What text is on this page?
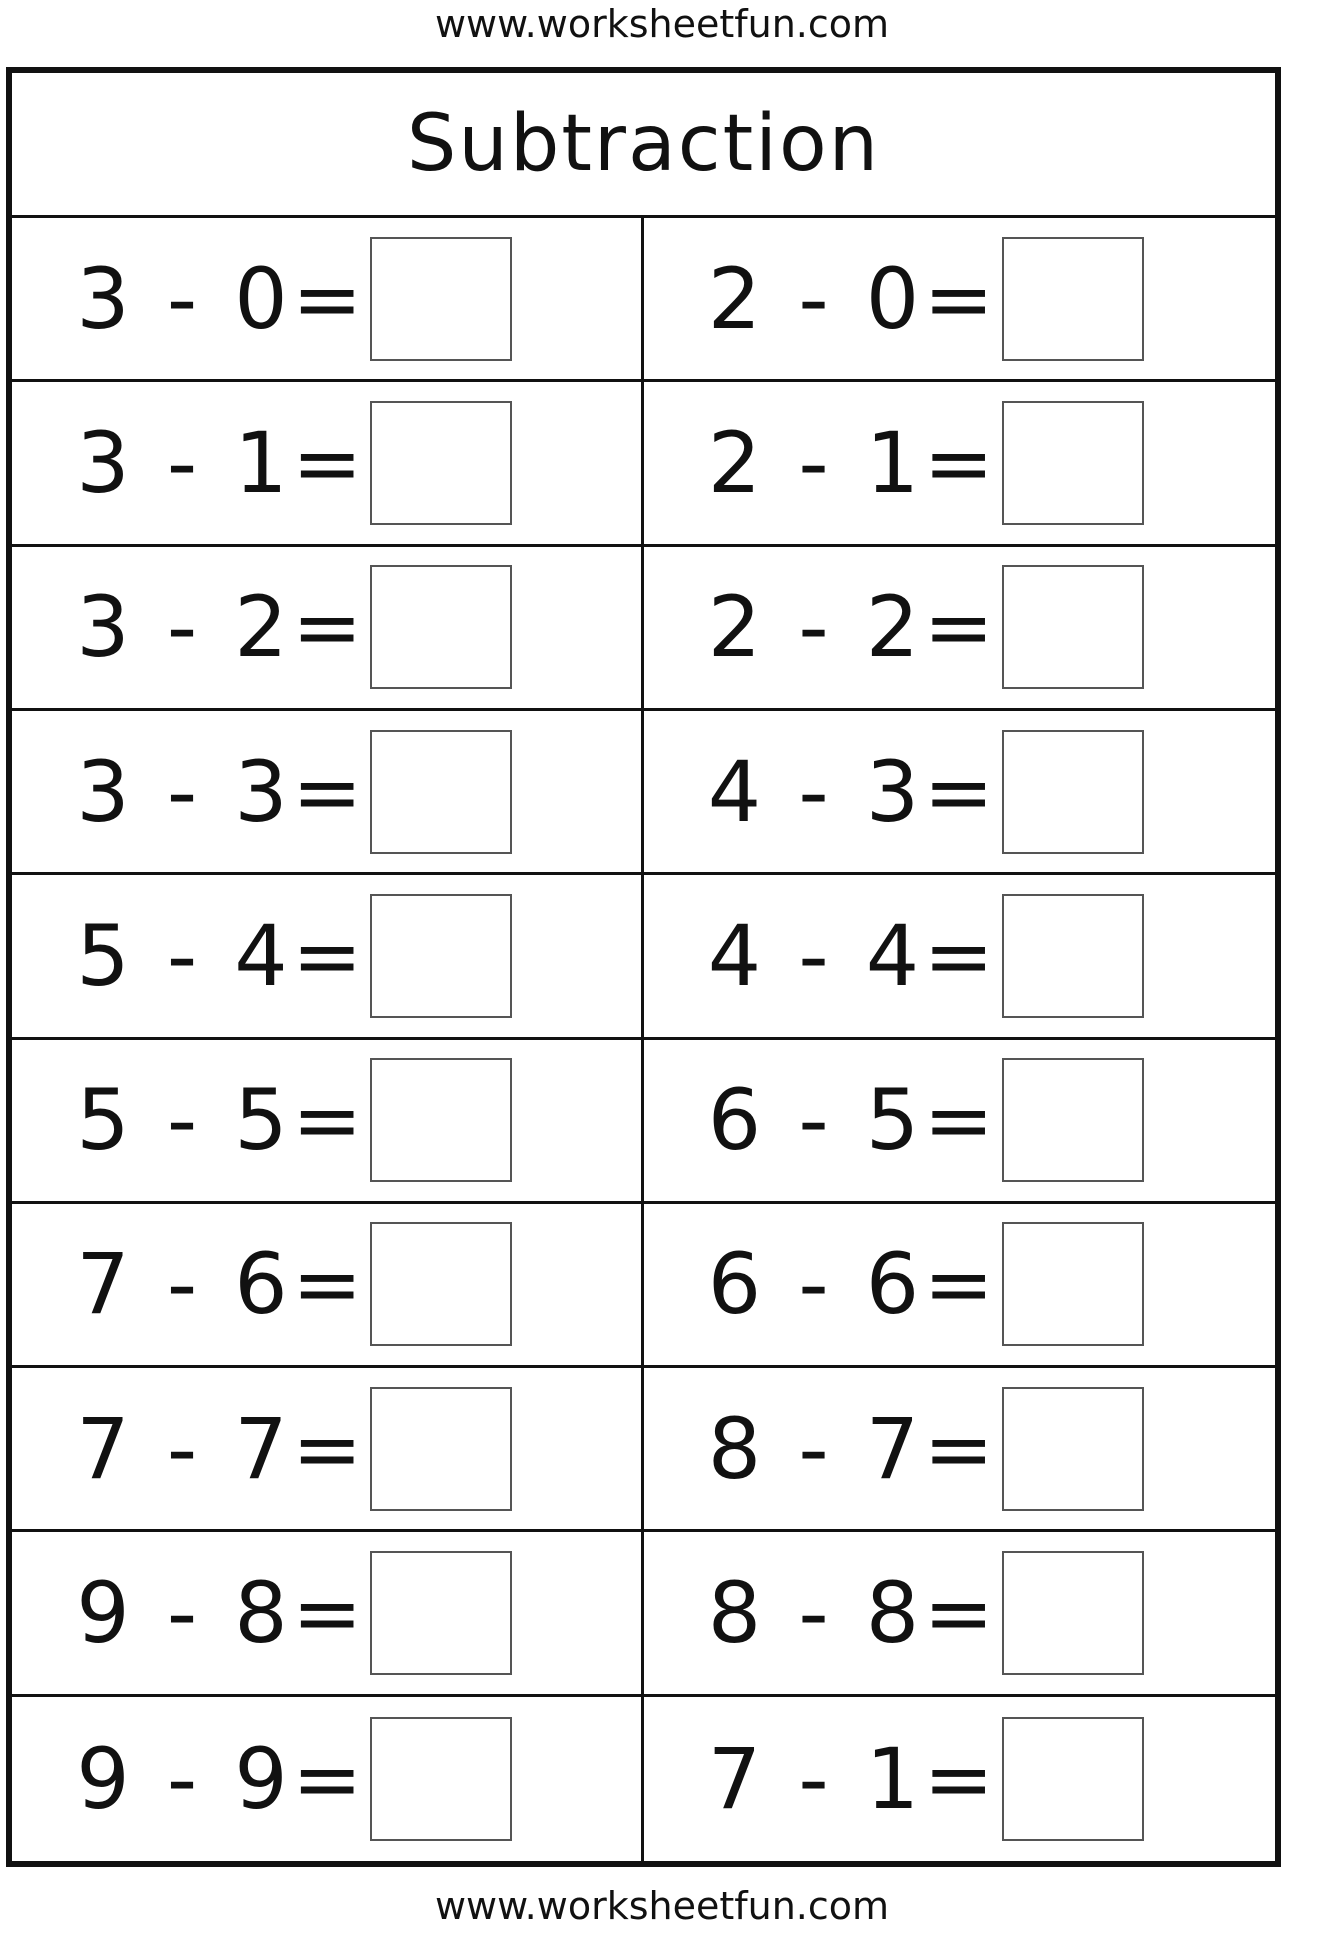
www.worksheetfun.com
Subtraction
3 - 0 =	2 - 0 =
3 - 1 =	2 - 1 =
3 - 2 =	2 - 2 =
3 - 3 =	4 - 3 =
5 - 4 =	4 - 4 =
5 - 5 =	6 - 5 =
7 - 6 =	6 - 6 =
7 - 7 =	8 - 7 =
9 - 8 =	8 - 8 =
9 - 9 =	7 - 1 =
www.worksheetfun.com
